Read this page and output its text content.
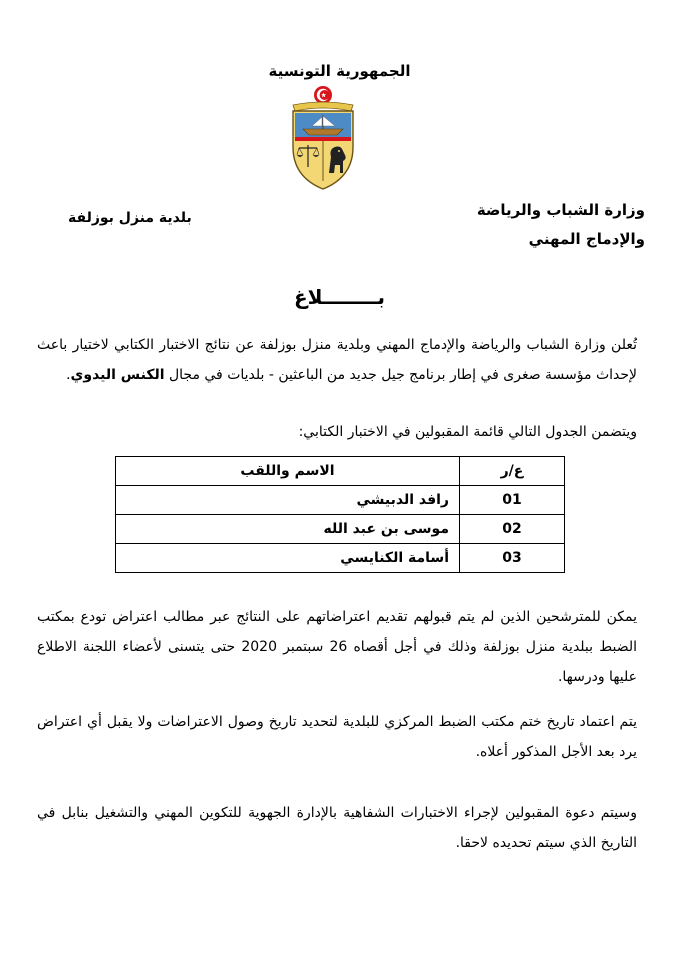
الجمهورية التونسية
وزارة الشباب والرياضة
والإدماج المهني
بلدية منزل بوزلفة
بــــــــلاغ
تُعلن وزارة الشباب والرياضة والإدماج المهني وبلدية منزل بوزلفة عن نتائج الاختبار الكتابي لاختيار باعث لإحداث مؤسسة صغرى في إطار برنامج جيل جديد من الباعثين - بلديات في مجال الكنس اليدوي.
ويتضمن الجدول التالي قائمة المقبولين في الاختبار الكتابي:
ع/ر	الاسم واللقب
01	رافد الدبيشي
02	موسى بن عبد الله
03	أسامة الكنايسي
يمكن للمترشحين الذين لم يتم قبولهم تقديم اعتراضاتهم على النتائج عبر مطالب اعتراض تودع بمكتب الضبط ببلدية منزل بوزلفة وذلك في أجل أقصاه 26 سبتمبر 2020 حتى يتسنى لأعضاء اللجنة الاطلاع عليها ودرسها.
يتم اعتماد تاريخ ختم مكتب الضبط المركزي للبلدية لتحديد تاريخ وصول الاعتراضات ولا يقبل أي اعتراض يرد بعد الأجل المذكور أعلاه.
وسيتم دعوة المقبولين لإجراء الاختبارات الشفاهية بالإدارة الجهوية للتكوين المهني والتشغيل بنابل في التاريخ الذي سيتم تحديده لاحقا.
